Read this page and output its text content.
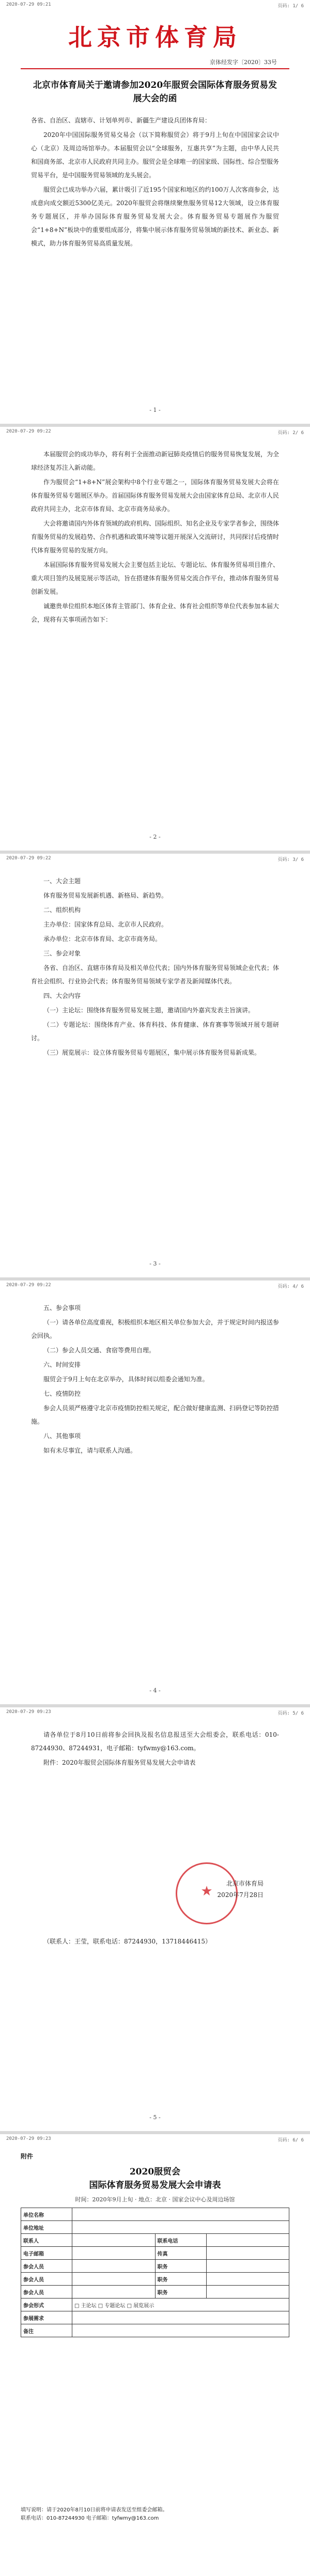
2020-07-29 09:21	页码: 1/ 6
北京市体育局
京体经发字〔2020〕33号
北京市体育局关于邀请参加2020年服贸会国际体育服务贸易发展大会的函

各省、自治区、直辖市、计划单列市、新疆生产建设兵团体育局：

2020年中国国际服务贸易交易会（以下简称服贸会）将于9月上旬在中国国家会议中心（北京）及周边场馆举办。本届服贸会以“全球服务，互惠共享”为主题，由中华人民共和国商务部、北京市人民政府共同主办。服贸会是全球唯一的国家级、国际性、综合型服务贸易平台，是中国服务贸易领域的龙头展会。

服贸会已成功举办六届，累计吸引了近195个国家和地区的约100万人次客商参会，达成意向成交额近5300亿美元。2020年服贸会将继续聚焦服务贸易12大领域，设立体育服务专题展区，并举办国际体育服务贸易发展大会。体育服务贸易专题展作为服贸会“1+8+N”板块中的重要组成部分，将集中展示体育服务贸易领域的新技术、新业态、新模式，助力体育服务贸易高质量发展。

- 1 -
2020-07-29 09:22	页码: 2/ 6

本届服贸会的成功举办，将有利于全面推动新冠肺炎疫情后的服务贸易恢复发展，为全球经济复苏注入新动能。

作为服贸会“1+8+N”展会架构中8个行业专题之一，国际体育服务贸易发展大会将在体育服务贸易专题展区举办。首届国际体育服务贸易发展大会由国家体育总局、北京市人民政府共同主办，北京市体育局、北京市商务局承办。

大会将邀请国内外体育领域的政府机构、国际组织、知名企业及专家学者参会，围绕体育服务贸易的发展趋势、合作机遇和政策环境等议题开展深入交流研讨，共同探讨后疫情时代体育服务贸易的发展方向。

本届国际体育服务贸易发展大会主要包括主论坛、专题论坛、体育服务贸易项目推介、重大项目签约及展览展示等活动，旨在搭建体育服务贸易交流合作平台，推动体育服务贸易创新发展。

诚邀贵单位组织本地区体育主管部门、体育企业、体育社会组织等单位代表参加本届大会，现将有关事项函告如下：

- 2 -
2020-07-29 09:22	页码: 3/ 6

一、大会主题

体育服务贸易发展新机遇、新格局、新趋势。

二、组织机构

主办单位：国家体育总局、北京市人民政府。

承办单位：北京市体育局、北京市商务局。

三、参会对象

各省、自治区、直辖市体育局及相关单位代表；国内外体育服务贸易领域企业代表；体育社会组织、行业协会代表；体育服务贸易领域专家学者及新闻媒体代表。

四、大会内容

（一）主论坛：围绕体育服务贸易发展主题，邀请国内外嘉宾发表主旨演讲。

（二）专题论坛：围绕体育产业、体育科技、体育健康、体育赛事等领域开展专题研讨。

（三）展览展示：设立体育服务贸易专题展区，集中展示体育服务贸易新成果。

- 3 -
2020-07-29 09:22	页码: 4/ 6

五、参会事项

（一）请各单位高度重视，积极组织本地区相关单位参加大会，并于规定时间内报送参会回执。

（二）参会人员交通、食宿等费用自理。

六、时间安排

服贸会于9月上旬在北京举办，具体时间以组委会通知为准。

七、疫情防控

参会人员须严格遵守北京市疫情防控相关规定，配合做好健康监测、扫码登记等防控措施。

八、其他事项

如有未尽事宜，请与联系人沟通。

- 4 -
2020-07-29 09:23	页码: 5/ 6

请各单位于8月10日前将参会回执及报名信息报送至大会组委会，联系电话：010-87244930、87244931，电子邮箱：tyfwmy@163.com。

附件：2020年服贸会国际体育服务贸易发展大会申请表

★	北京市体育局
2020年7月28日

（联系人：王莹，联系电话：87244930，13718446415）

- 5 -
2020-07-29 09:23	页码: 6/ 6
附件
2020服贸会
国际体育服务贸易发展大会申请表
时间：2020年9月上旬 · 地点：北京 · 国家会议中心及周边场馆
单位名称			
单位地址			
联系人		联系电话	
电子邮箱		传真	
参会人员		职务	
参会人员		职务	
参会人员		职务	
参会形式	□ 主论坛 □ 专题论坛 □ 展览展示		
参展需求			
备注			
填写说明：请于2020年8月10日前将申请表发送至组委会邮箱。
联系电话：010-87244930 电子邮箱：tyfwmy@163.com
